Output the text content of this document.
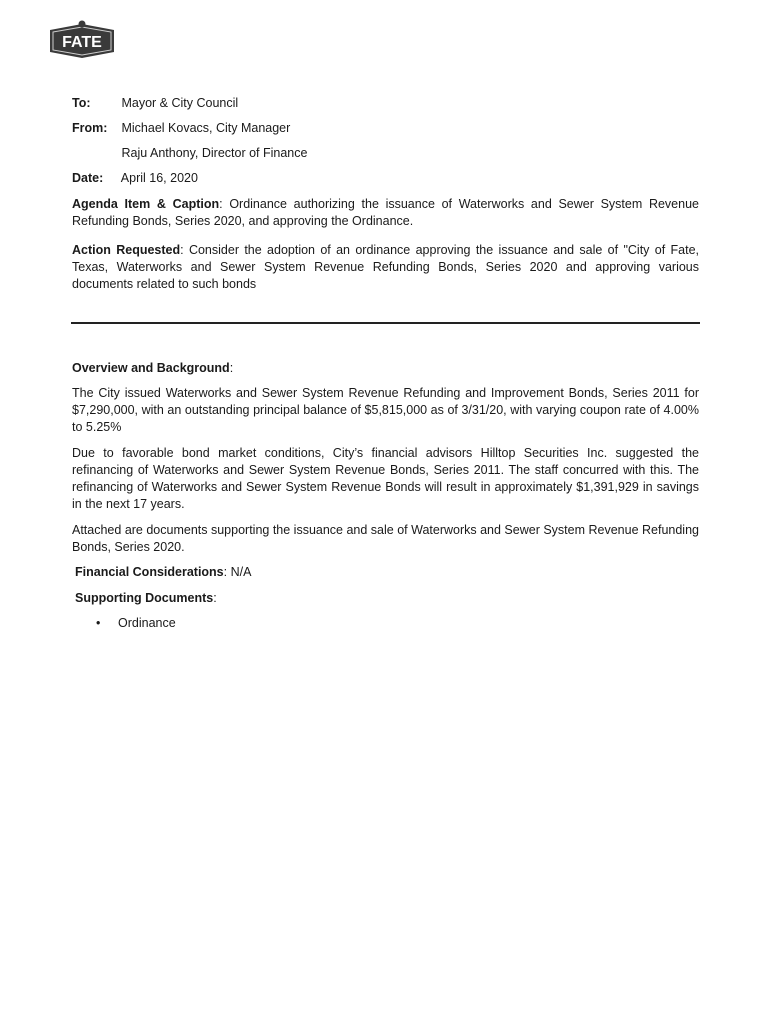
FATE
To: Mayor & City Council
From: Michael Kovacs, City Manager
Raju Anthony, Director of Finance
Date: April 16, 2020
Agenda Item & Caption: Ordinance authorizing the issuance of Waterworks and Sewer System Revenue Refunding Bonds, Series 2020, and approving the Ordinance.
Action Requested: Consider the adoption of an ordinance approving the issuance and sale of "City of Fate, Texas, Waterworks and Sewer System Revenue Refunding Bonds, Series 2020 and approving various documents related to such bonds
Overview and Background:
The City issued Waterworks and Sewer System Revenue Refunding and Improvement Bonds, Series 2011 for $7,290,000, with an outstanding principal balance of $5,815,000 as of 3/31/20, with varying coupon rate of 4.00% to 5.25%
Due to favorable bond market conditions, City’s financial advisors Hilltop Securities Inc. suggested the refinancing of Waterworks and Sewer System Revenue Bonds, Series 2011. The staff concurred with this. The refinancing of Waterworks and Sewer System Revenue Bonds will result in approximately $1,391,929 in savings in the next 17 years.
Attached are documents supporting the issuance and sale of Waterworks and Sewer System Revenue Refunding Bonds, Series 2020.
Financial Considerations: N/A
Supporting Documents:
• Ordinance
